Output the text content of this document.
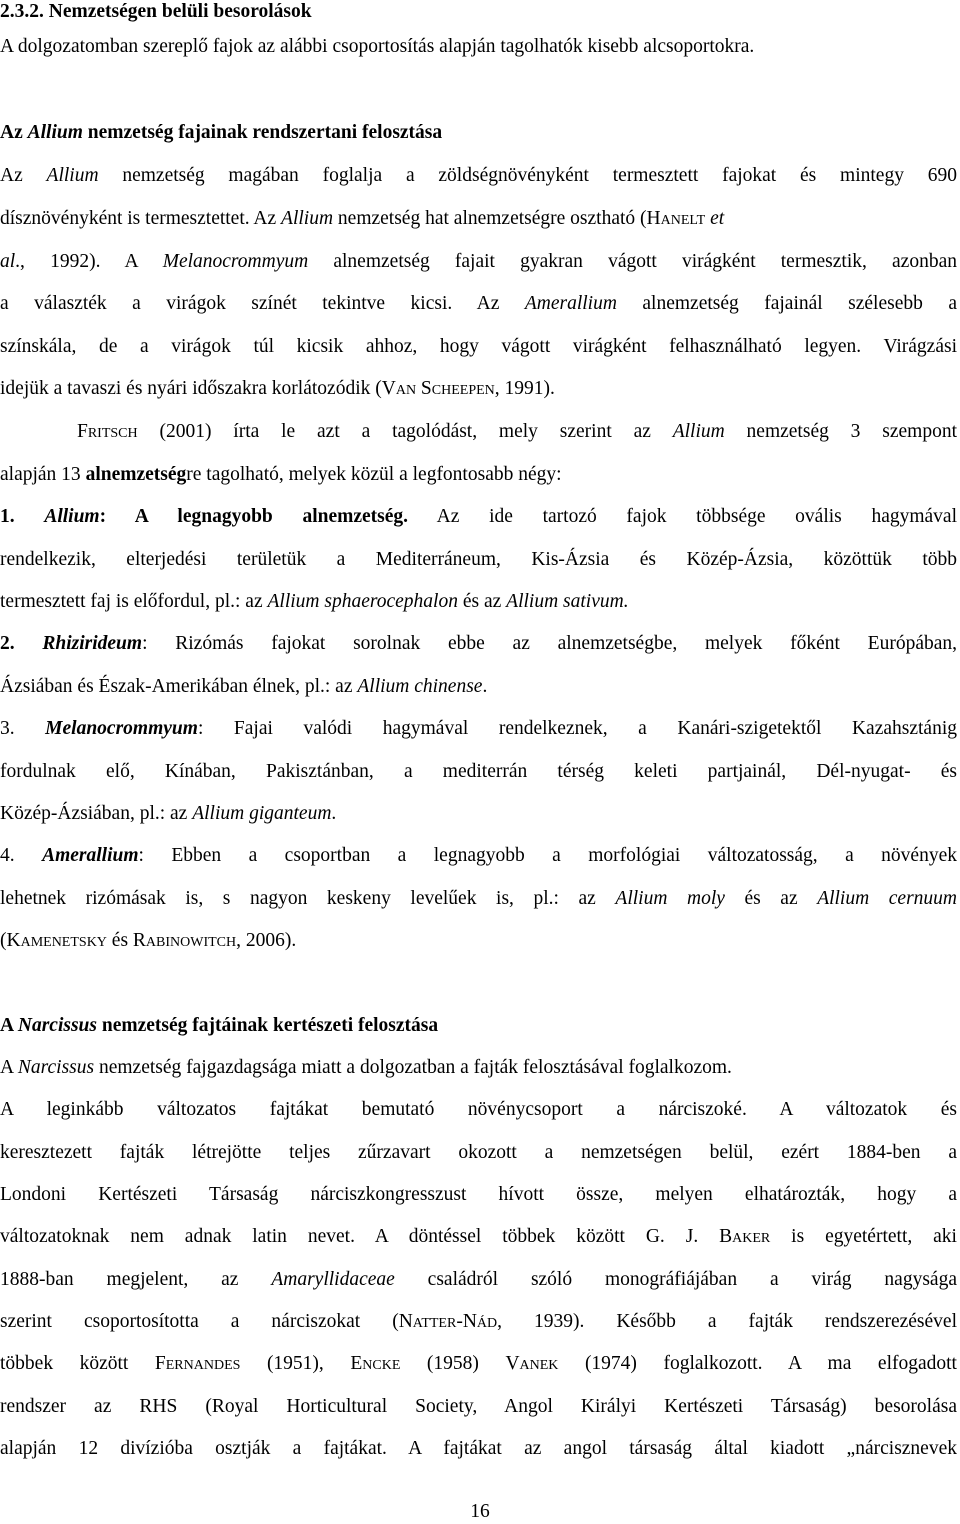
2.3.2. Nemzetségen belüli besorolások
A dolgozatomban szereplő fajok az alábbi csoportosítás alapján tagolhatók kisebb alcsoportokra.
Az Allium nemzetség fajainak rendszertani felosztása
Az Allium nemzetség magában foglalja a zöldségnövényként termesztett fajokat és mintegy 690
dísznövényként is termesztettet. Az Allium nemzetség hat alnemzetségre osztható (Hanelt et
al., 1992). A Melanocrommyum alnemzetség fajait gyakran vágott virágként termesztik, azonban
a választék a virágok színét tekintve kicsi. Az Amerallium alnemzetség fajainál szélesebb a
színskála, de a virágok túl kicsik ahhoz, hogy vágott virágként felhasználható legyen. Virágzási
idejük a tavaszi és nyári időszakra korlátozódik (Van Scheepen, 1991).
Fritsch (2001) írta le azt a tagolódást, mely szerint az Allium nemzetség 3 szempont
alapján 13 alnemzetségre tagolható, melyek közül a legfontosabb négy:
1. Allium: A legnagyobb alnemzetség. Az ide tartozó fajok többsége ovális hagymával
rendelkezik, elterjedési területük a Mediterráneum, Kis-Ázsia és Közép-Ázsia, közöttük több
termesztett faj is előfordul, pl.: az Allium sphaerocephalon és az Allium sativum.
2. Rhizirideum: Rizómás fajokat sorolnak ebbe az alnemzetségbe, melyek főként Európában,
Ázsiában és Észak-Amerikában élnek, pl.: az Allium chinense.
3. Melanocrommyum: Fajai valódi hagymával rendelkeznek, a Kanári-szigetektől Kazahsztánig
fordulnak elő, Kínában, Pakisztánban, a mediterrán térség keleti partjainál, Dél-nyugat- és
Közép-Ázsiában, pl.: az Allium giganteum.
4. Amerallium: Ebben a csoportban a legnagyobb a morfológiai változatosság, a növények
lehetnek rizómásak is, s nagyon keskeny levelűek is, pl.: az Allium moly és az Allium cernuum
(Kamenetsky és Rabinowitch, 2006).
A Narcissus nemzetség fajtáinak kertészeti felosztása
A Narcissus nemzetség fajgazdagsága miatt a dolgozatban a fajták felosztásával foglalkozom.
A leginkább változatos fajtákat bemutató növénycsoport a nárciszoké. A változatok és
keresztezett fajták létrejötte teljes zűrzavart okozott a nemzetségen belül, ezért 1884-ben a
Londoni Kertészeti Társaság nárciszkongresszust hívott össze, melyen elhatározták, hogy a
változatoknak nem adnak latin nevet. A döntéssel többek között G. J. Baker is egyetértett, aki
1888-ban megjelent, az Amaryllidaceae családról szóló monográfiájában a virág nagysága
szerint csoportosította a nárciszokat (Natter-Nád, 1939). Később a fajták rendszerezésével
többek között Fernandes (1951), Encke (1958) Vanek (1974) foglalkozott. A ma elfogadott
rendszer az RHS (Royal Horticultural Society, Angol Királyi Kertészeti Társaság) besorolása
alapján 12 divízióba osztják a fajtákat. A fajtákat az angol társaság által kiadott „nárcisznevek
16
